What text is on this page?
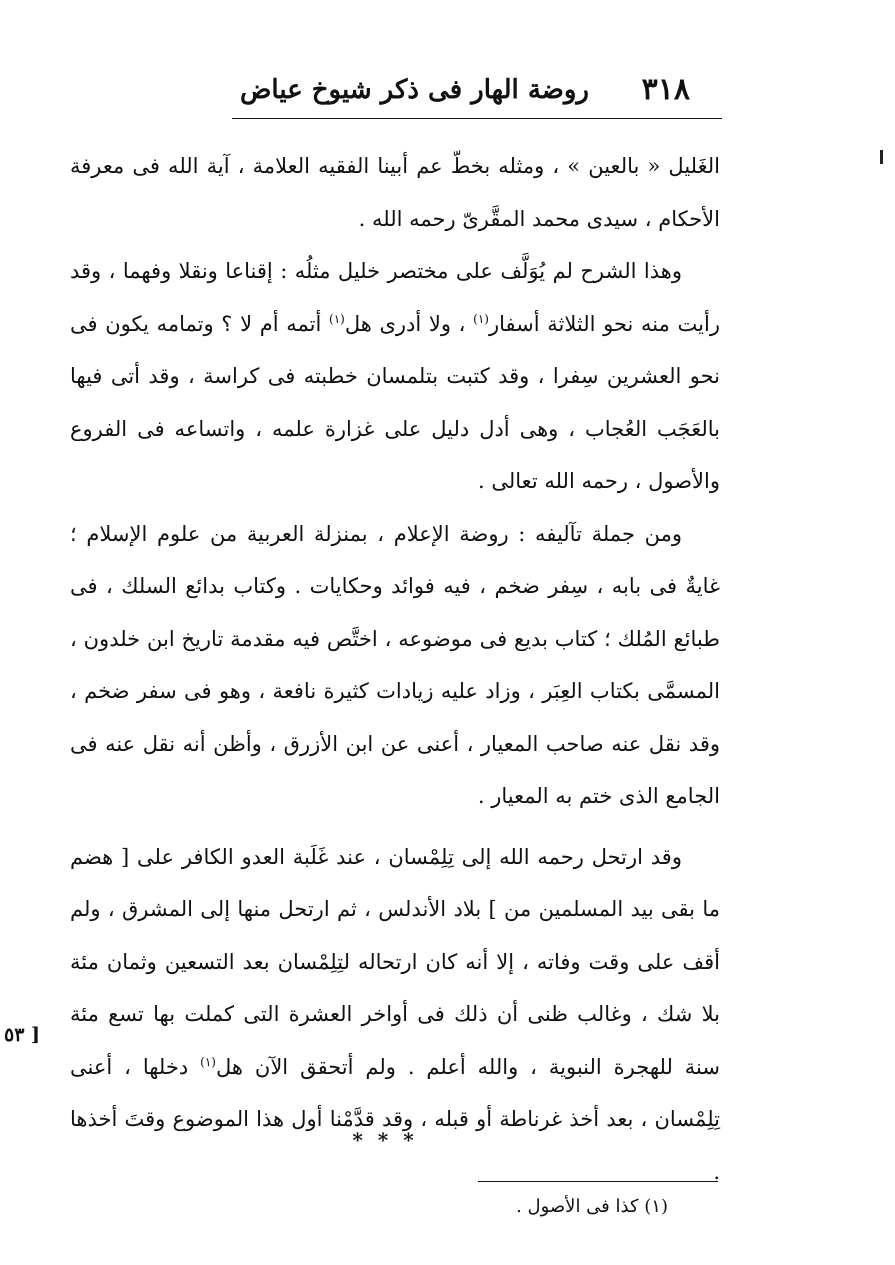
٣١٨
روضة الهار فى ذكر شيوخ عياض

الغَليل « بالعين » ، ومثله بخطّ عم أبينا الفقيه العلامة ، آية الله فى معرفة الأحكام ، سيدى محمد المقَّرىّ رحمه الله .

وهذا الشرح لم يُوَلَّف على مختصر خليل مثلُه : إقناعا ونقلا وفهما ، وقد رأيت منه نحو الثلاثة أسفار$^{(١)}$ ، ولا أدرى هل$^{(١)}$ أتمه أم لا ؟ وتمامه يكون فى نحو العشرين سِفرا ، وقد كتبت بتلمسان خطبته فى كراسة ، وقد أتى فيها بالعَجَب العُجاب ، وهى أدل دليل على غزارة علمه ، واتساعه فى الفروع والأصول ، رحمه الله تعالى .

ومن جملة تآليفه : روضة الإعلام ، بمنزلة العربية من علوم الإسلام ؛ غايةٌ فى بابه ، سِفر ضخم ، فيه فوائد وحكايات . وكتاب بدائع السلك ، فى طبائع المُلك ؛ كتاب بديع فى موضوعه ، اختَّص فيه مقدمة تاريخ ابن خلدون ، المسمَّى بكتاب العِبَر ، وزاد عليه زيادات كثيرة نافعة ، وهو فى سفر ضخم ، وقد نقل عنه صاحب المعيار ، أعنى عن ابن الأزرق ، وأظن أنه نقل عنه فى الجامع الذى ختم به المعيار .

وقد ارتحل رحمه الله إلى تِلِمْسان ، عند غَلَبة العدو الكافر على [ هضم ما بقى بيد المسلمين من ] بلاد الأندلس ، ثم ارتحل منها إلى المشرق ، ولم أقف على وقت وفاته ، إلا أنه كان ارتحاله لتِلِمْسان بعد التسعين وثمان مئة بلا شك ، وغالب ظنى أن ذلك فى أواخر العشرة التى كملت بها تسع مئة سنة للهجرة النبوية ، والله أعلم . ولم أتحقق الآن هل$^{(١)}$ دخلها ، أعنى تِلِمْسان ، بعد أخذ غرناطة أو قبله ، وقد قدَّمْنا أول هذا الموضوع وقتَ أخذها .

[ ٥٣
* * *
(١) كذا فى الأصول .
